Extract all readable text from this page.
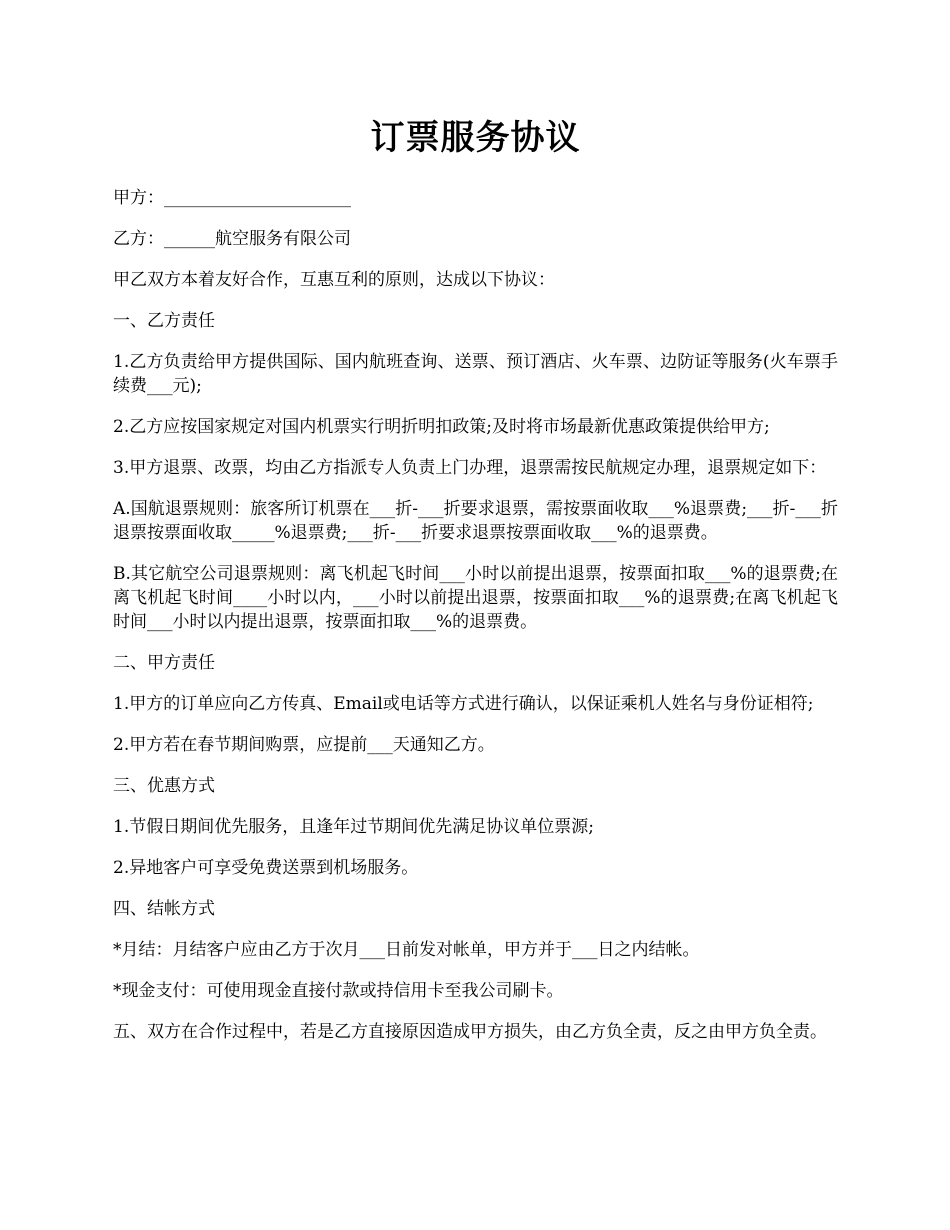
订票服务协议

甲方：______________________

乙方：______航空服务有限公司

甲乙双方本着友好合作，互惠互利的原则，达成以下协议：

一、乙方责任

1.乙方负责给甲方提供国际、国内航班查询、送票、预订酒店、火车票、边防证等服务(火车票手续费___元);

2.乙方应按国家规定对国内机票实行明折明扣政策;及时将市场最新优惠政策提供给甲方;

3.甲方退票、改票，均由乙方指派专人负责上门办理，退票需按民航规定办理，退票规定如下：

A.国航退票规则：旅客所订机票在___折-___折要求退票，需按票面收取___%退票费;___折-___折退票按票面收取_____%退票费;___折-___折要求退票按票面收取___%的退票费。

B.其它航空公司退票规则：离飞机起飞时间___小时以前提出退票，按票面扣取___%的退票费;在离飞机起飞时间____小时以内，___小时以前提出退票，按票面扣取___%的退票费;在离飞机起飞时间___小时以内提出退票，按票面扣取___%的退票费。

二、甲方责任

1.甲方的订单应向乙方传真、Email或电话等方式进行确认，以保证乘机人姓名与身份证相符;

2.甲方若在春节期间购票，应提前___天通知乙方。

三、优惠方式

1.节假日期间优先服务，且逢年过节期间优先满足协议单位票源;

2.异地客户可享受免费送票到机场服务。

四、结帐方式

*月结：月结客户应由乙方于次月___日前发对帐单，甲方并于___日之内结帐。

*现金支付：可使用现金直接付款或持信用卡至我公司刷卡。

五、双方在合作过程中，若是乙方直接原因造成甲方损失，由乙方负全责，反之由甲方负全责。
